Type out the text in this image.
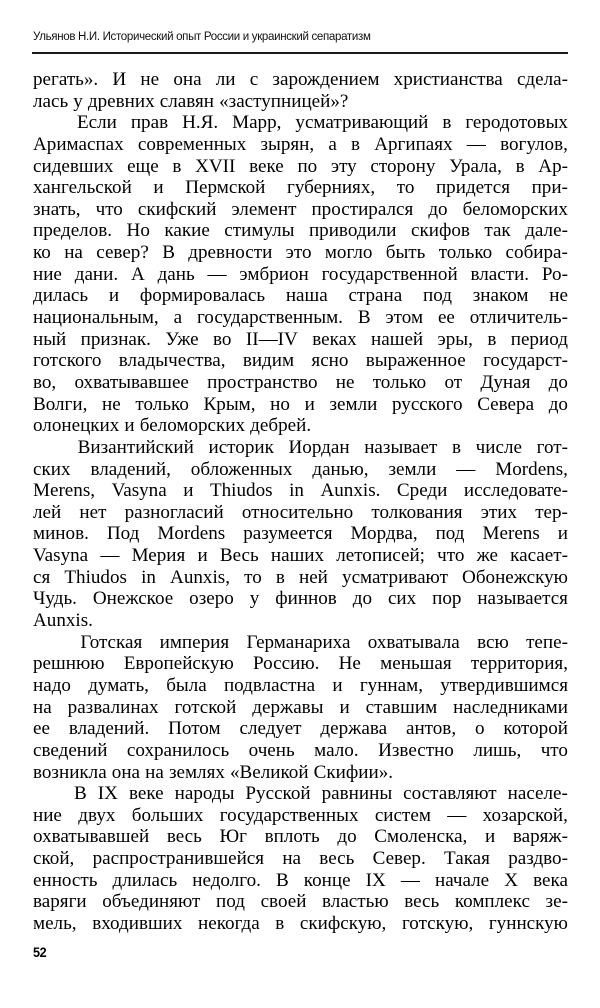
Ульянов Н.И. Исторический опыт России и украинский сепаратизм
регать». И не она ли с зарождением христианства сдела-
лась у древних славян «заступницей»?
Если прав Н.Я. Марр, усматривающий в геродотовых
Аримаспах современных зырян, а в Аргипаях — вогулов,
сидевших еще в XVII веке по эту сторону Урала, в Ар-
хангельской и Пермской губерниях, то придется при-
знать, что скифский элемент простирался до беломорских
пределов. Но какие стимулы приводили скифов так дале-
ко на север? В древности это могло быть только собира-
ние дани. А дань — эмбрион государственной власти. Ро-
дилась и формировалась наша страна под знаком не
национальным, а государственным. В этом ее отличитель-
ный признак. Уже во II—IV веках нашей эры, в период
готского владычества, видим ясно выраженное государст-
во, охватывавшее пространство не только от Дуная до
Волги, не только Крым, но и земли русского Севера до
олонецких и беломорских дебрей.
Византийский историк Иордан называет в числе гот-
ских владений, обложенных данью, земли — Mordens,
Merens, Vasyna и Thiudos in Aunxis. Среди исследовате-
лей нет разногласий относительно толкования этих тер-
минов. Под Mordens разумеется Мордва, под Merens и
Vasyna — Мерия и Весь наших летописей; что же касает-
ся Thiudos in Aunxis, то в ней усматривают Обонежскую
Чудь. Онежское озеро у финнов до сих пор называется
Aunxis.
Готская империя Германариха охватывала всю тепе-
решнюю Европейскую Россию. Не меньшая территория,
надо думать, была подвластна и гуннам, утвердившимся
на развалинах готской державы и ставшим наследниками
ее владений. Потом следует держава антов, о которой
сведений сохранилось очень мало. Известно лишь, что
возникла она на землях «Великой Скифии».
В IX веке народы Русской равнины составляют населе-
ние двух больших государственных систем — хозарской,
охватывавшей весь Юг вплоть до Смоленска, и варяж-
ской, распространившейся на весь Север. Такая раздво-
енность длилась недолго. В конце IX — начале X века
варяги объединяют под своей властью весь комплекс зе-
мель, входивших некогда в скифскую, готскую, гуннскую
52
